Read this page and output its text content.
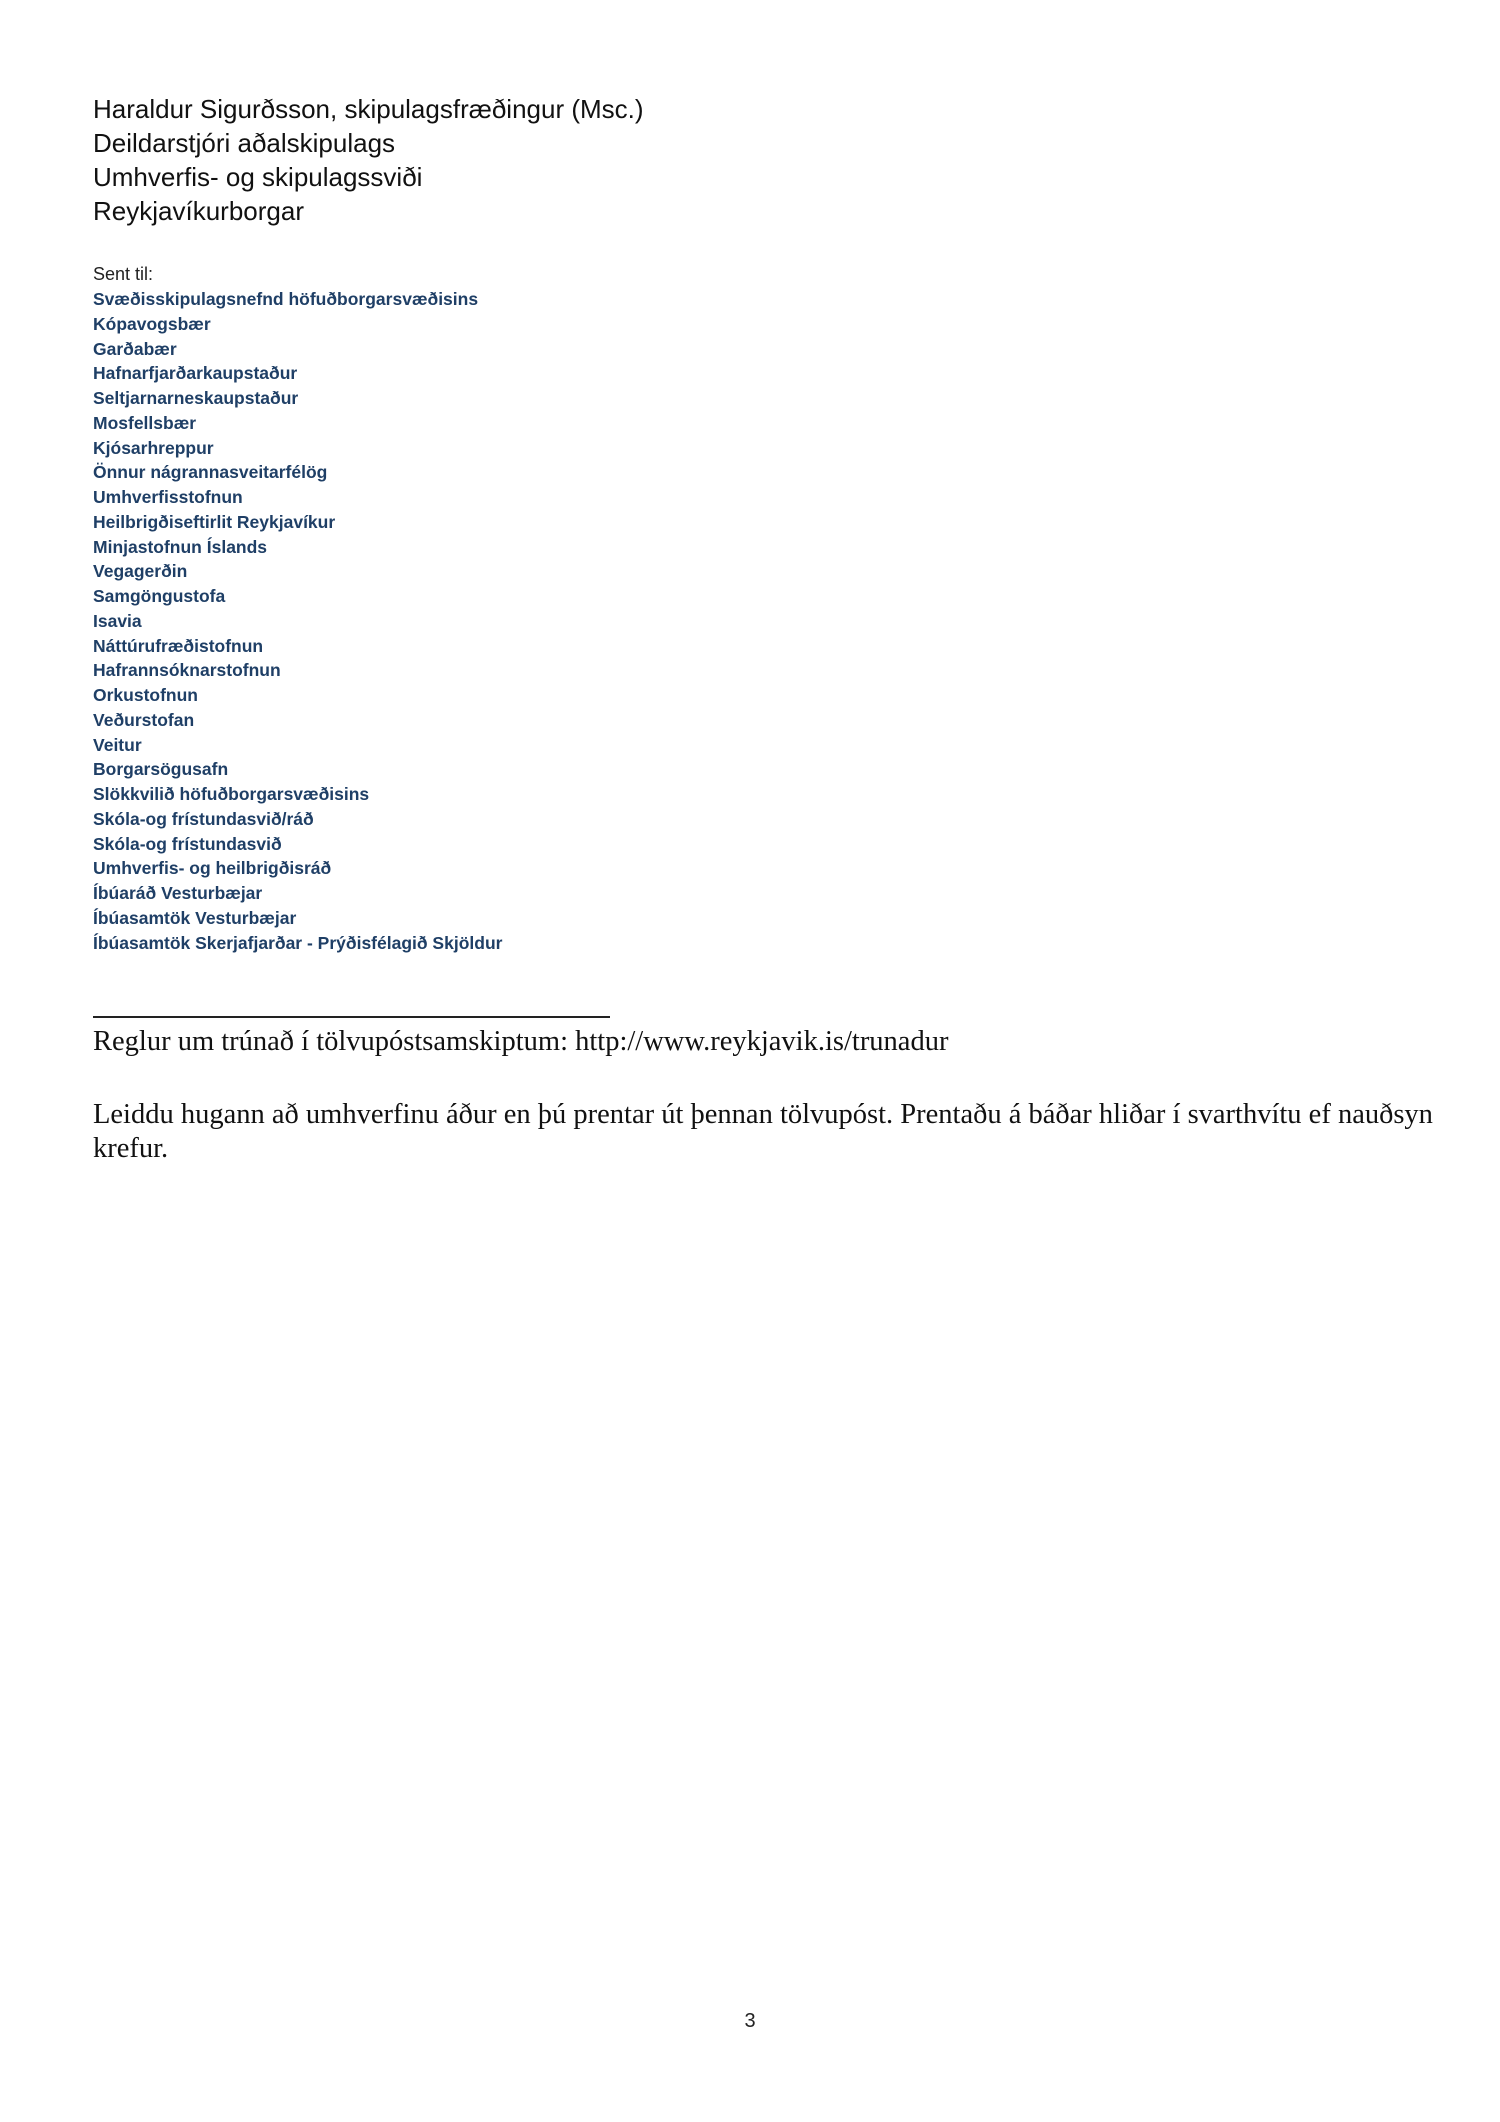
Haraldur Sigurðsson, skipulagsfræðingur (Msc.)
Deildarstjóri aðalskipulags
Umhverfis- og skipulagssviði
Reykjavíkurborgar
Sent til:
Svæðisskipulagsnefnd höfuðborgarsvæðisins
Kópavogsbær
Garðabær
Hafnarfjarðarkaupstaður
Seltjarnarneskaupstaður
Mosfellsbær
Kjósarhreppur
Önnur nágrannasveitarfélög
Umhverfisstofnun
Heilbrigðiseftirlit Reykjavíkur
Minjastofnun Íslands
Vegagerðin
Samgöngustofa
Isavia
Náttúrufræðistofnun
Hafrannsóknarstofnun
Orkustofnun
Veðurstofan
Veitur
Borgarsögusafn
Slökkvilið höfuðborgarsvæðisins
Skóla-og frístundasvið/ráð
Skóla-og frístundasvið
Umhverfis- og heilbrigðisráð
Íbúaráð Vesturbæjar
Íbúasamtök Vesturbæjar
Íbúasamtök Skerjafjarðar - Prýðisfélagið Skjöldur
Reglur um trúnað í tölvupóstsamskiptum: http://www.reykjavik.is/trunadur
Leiddu hugann að umhverfinu áður en þú prentar út þennan tölvupóst. Prentaðu á báðar hliðar í svarthvítu ef nauðsyn krefur.
3
